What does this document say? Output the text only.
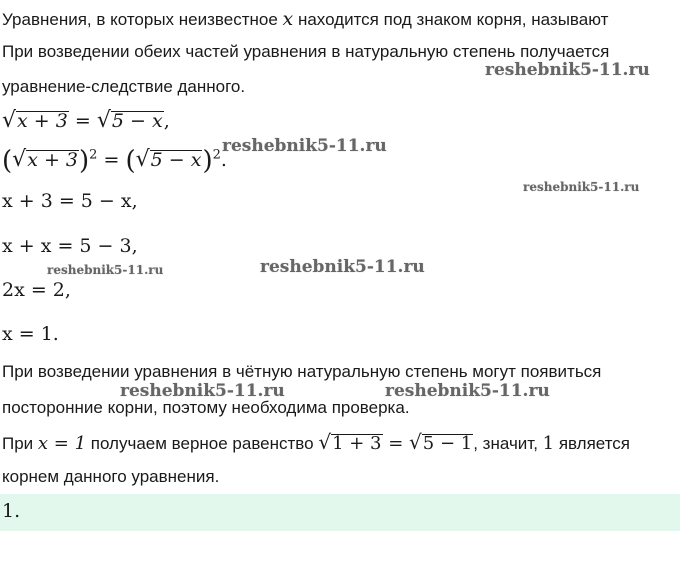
Уравнения, в которых неизвестное x находится под знаком корня, называют
При возведении обеих частей уравнения в натуральную степень получается
уравнение-следствие данного.
√x + 3 = √5 − x,
$(√x + 3)^2 = (√5 - x)^2$.
x + 3 = 5 − x,
x + x = 5 − 3,
2x = 2,
x = 1.
При возведении уравнения в чётную натуральную степень могут появиться
посторонние корни, поэтому необходима проверка.
При x = 1 получаем верное равенство √1 + 3 = √5 − 1, значит, 1 является
корнем данного уравнения.
1.
reshebnik5-11.ru
reshebnik5-11.ru
reshebnik5-11.ru
reshebnik5-11.ru
reshebnik5-11.ru
reshebnik5-11.ru	reshebnik5-11.ru
